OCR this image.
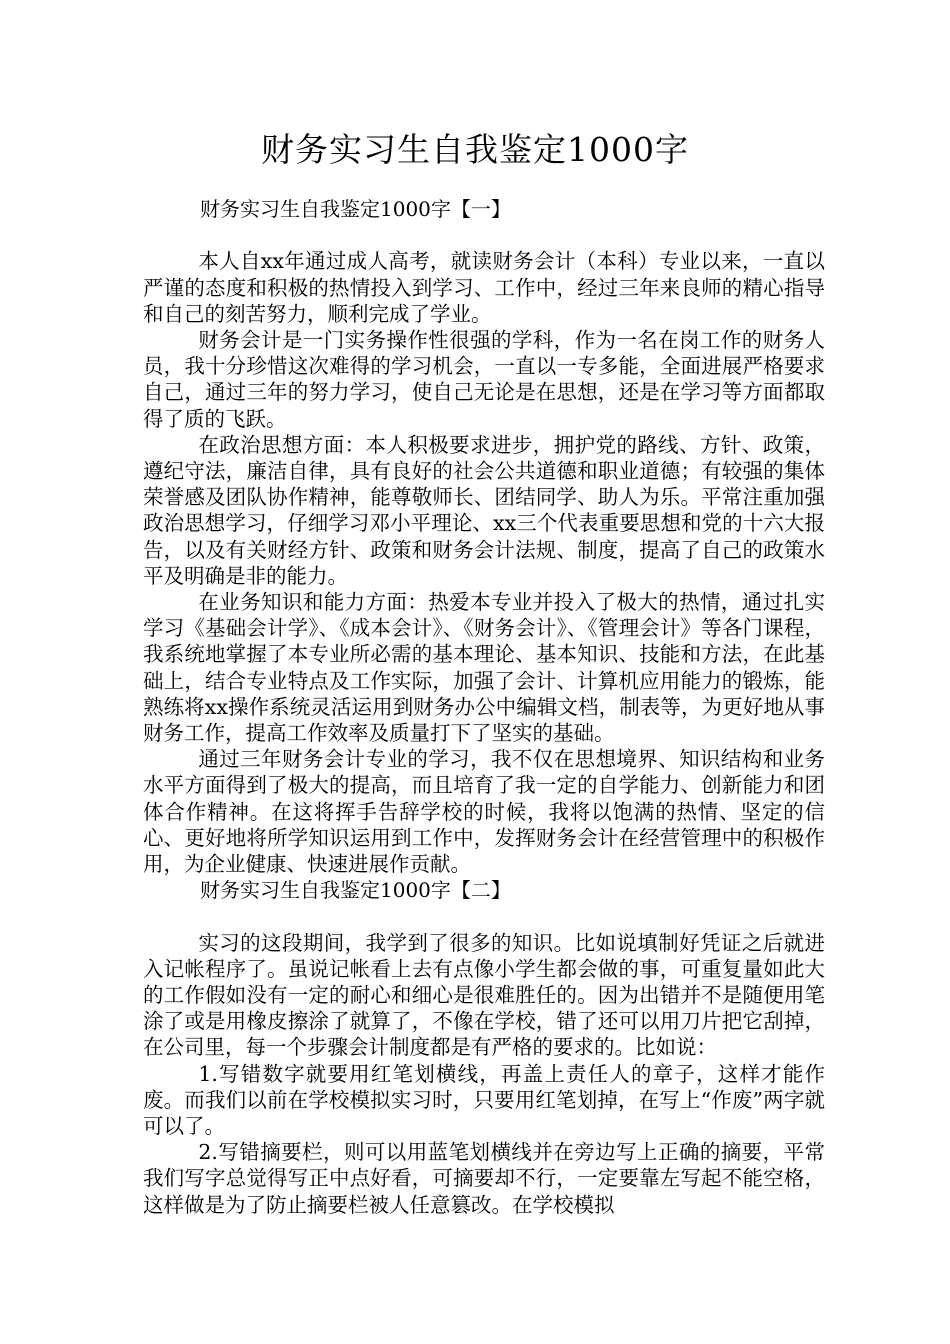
财务实习生自我鉴定1000字
财务实习生自我鉴定1000字【一】

本人自xx年通过成人高考，就读财务会计（本科）专业以来，一直以严谨的态度和积极的热情投入到学习、工作中，经过三年来良师的精心指导和自己的刻苦努力，顺利完成了学业。

财务会计是一门实务操作性很强的学科，作为一名在岗工作的财务人员，我十分珍惜这次难得的学习机会，一直以一专多能，全面进展严格要求自己，通过三年的努力学习，使自己无论是在思想，还是在学习等方面都取得了质的飞跃。

在政治思想方面：本人积极要求进步，拥护党的路线、方针、政策，遵纪守法，廉洁自律，具有良好的社会公共道德和职业道德；有较强的集体荣誉感及团队协作精神，能尊敬师长、团结同学、助人为乐。平常注重加强政治思想学习，仔细学习邓小平理论、xx三个代表重要思想和党的十六大报告，以及有关财经方针、政策和财务会计法规、制度，提高了自己的政策水平及明确是非的能力。

在业务知识和能力方面：热爱本专业并投入了极大的热情，通过扎实学习《基础会计学》、《成本会计》、《财务会计》、《管理会计》等各门课程，我系统地掌握了本专业所必需的基本理论、基本知识、技能和方法，在此基础上，结合专业特点及工作实际，加强了会计、计算机应用能力的锻炼，能熟练将xx操作系统灵活运用到财务办公中编辑文档，制表等，为更好地从事财务工作，提高工作效率及质量打下了坚实的基础。

通过三年财务会计专业的学习，我不仅在思想境界、知识结构和业务水平方面得到了极大的提高，而且培育了我一定的自学能力、创新能力和团体合作精神。在这将挥手告辞学校的时候，我将以饱满的热情、坚定的信心、更好地将所学知识运用到工作中，发挥财务会计在经营管理中的积极作用，为企业健康、快速进展作贡献。

财务实习生自我鉴定1000字【二】

实习的这段期间，我学到了很多的知识。比如说填制好凭证之后就进入记帐程序了。虽说记帐看上去有点像小学生都会做的事，可重复量如此大的工作假如没有一定的耐心和细心是很难胜任的。因为出错并不是随便用笔涂了或是用橡皮擦涂了就算了，不像在学校，错了还可以用刀片把它刮掉，在公司里，每一个步骤会计制度都是有严格的要求的。比如说：

1.写错数字就要用红笔划横线，再盖上责任人的章子，这样才能作废。而我们以前在学校模拟实习时，只要用红笔划掉，在写上“作废”两字就可以了。

2.写错摘要栏，则可以用蓝笔划横线并在旁边写上正确的摘要，平常我们写字总觉得写正中点好看，可摘要却不行，一定要靠左写起不能空格，这样做是为了防止摘要栏被人任意篡改。在学校模拟
